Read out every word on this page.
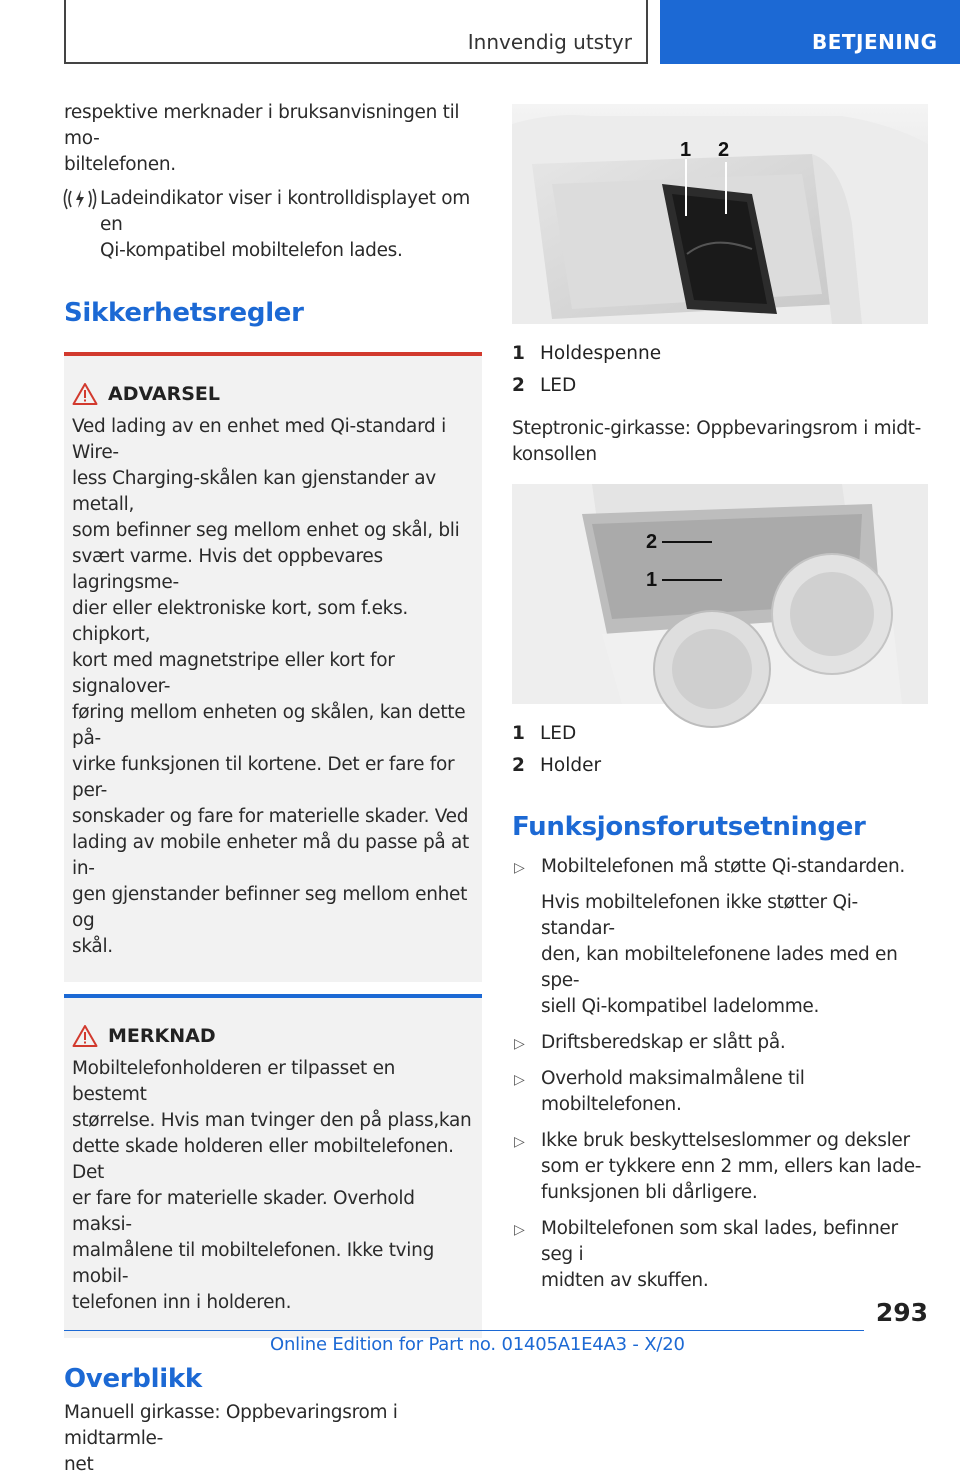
Innvendig utstyr	BETJENING

respektive merknader i bruksanvisningen til mo-
biltelefonen.

Ladeindikator viser i kontrolldisplayet om en
Qi-kompatibel mobiltelefon lades.

Sikkerhetsregler
ADVARSEL

Ved lading av en enhet med Qi-standard i Wire-
less Charging-skålen kan gjenstander av metall,
som befinner seg mellom enhet og skål, bli
svært varme. Hvis det oppbevares lagringsme-
dier eller elektroniske kort, som f.eks. chipkort,
kort med magnetstripe eller kort for signalover-
føring mellom enheten og skålen, kan dette på-
virke funksjonen til kortene. Det er fare for per-
sonskader og fare for materielle skader. Ved
lading av mobile enheter må du passe på at in-
gen gjenstander befinner seg mellom enhet og
skål.

MERKNAD

Mobiltelefonholderen er tilpasset en bestemt
størrelse. Hvis man tvinger den på plass,kan
dette skade holderen eller mobiltelefonen. Det
er fare for materielle skader. Overhold maksi-
malmålene til mobiltelefonen. Ikke tving mobil-
telefonen inn i holderen.

Overblikk

Manuell girkasse: Oppbevaringsrom i midtarmle-
net

1 2
1 Holdespenne
2 LED

Steptronic-girkasse: Oppbevaringsrom i midt-
konsollen

2
1
1 LED
2 Holder
Funksjonsforutsetninger
▷ Mobiltelefonen må støtte Qi-standarden.

Hvis mobiltelefonen ikke støtter Qi-standar-
den, kan mobiltelefonene lades med en spe-
siell Qi-kompatibel ladelomme.

▷ Driftsberedskap er slått på.

▷ Overhold maksimalmålene til mobiltelefonen.

▷ Ikke bruk beskyttelseslommer og deksler
som er tykkere enn 2 mm, ellers kan lade-
funksjonen bli dårligere.

▷ Mobiltelefonen som skal lades, befinner seg i
midten av skuffen.

293
Online Edition for Part no. 01405A1E4A3 - X/20
